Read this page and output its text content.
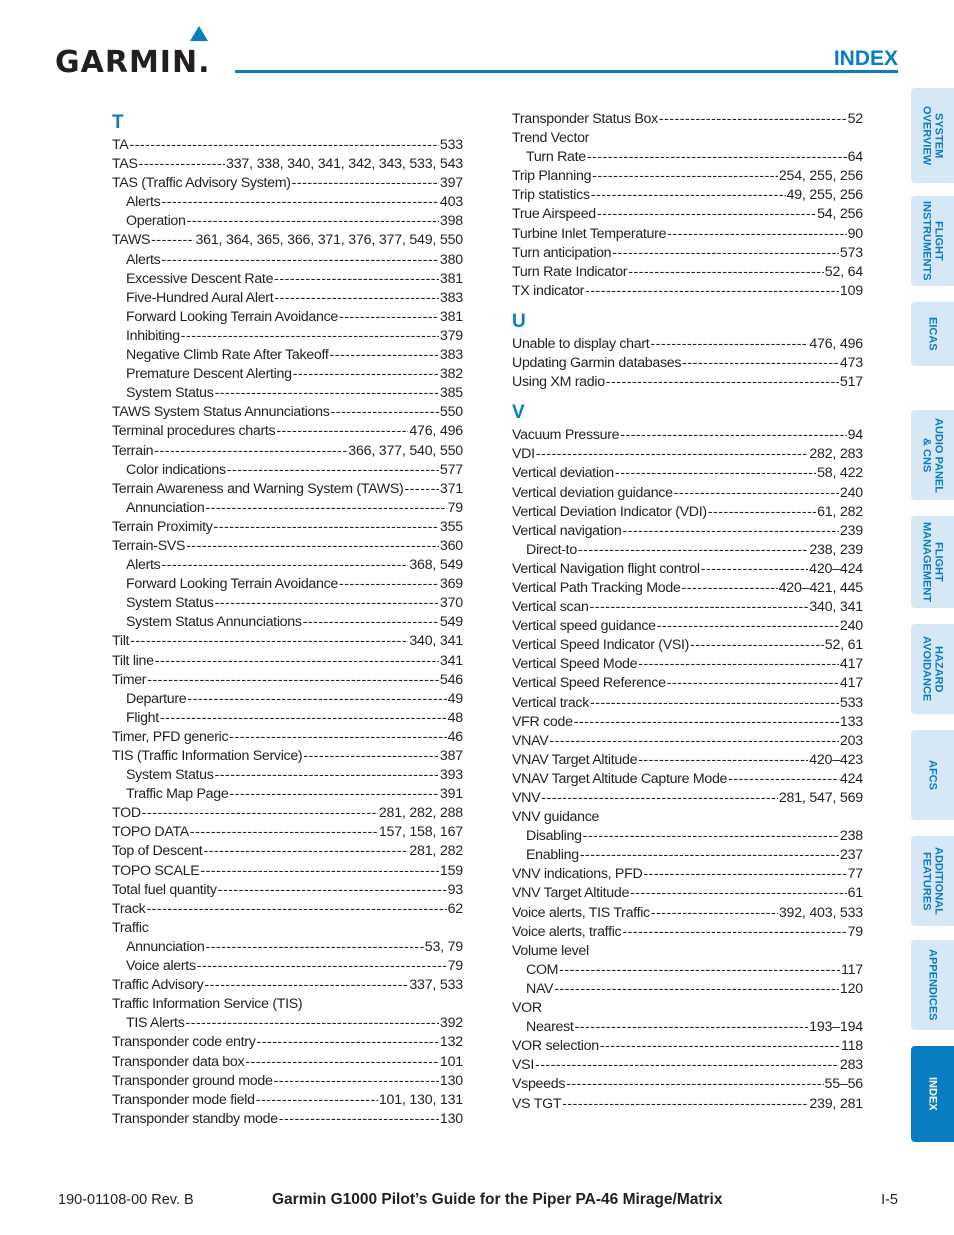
GARMIN.	INDEX
T
TA -----	533
TAS -----	337, 338, 340, 341, 342, 343, 533, 543
TAS (Traffic Advisory System) -----	397
Alerts -----	403
Operation -----	398
TAWS -----	361, 364, 365, 366, 371, 376, 377, 549, 550
Alerts -----	380
Excessive Descent Rate -----	381
Five-Hundred Aural Alert -----	383
Forward Looking Terrain Avoidance -----	381
Inhibiting -----	379
Negative Climb Rate After Takeoff -----	383
Premature Descent Alerting -----	382
System Status -----	385
TAWS System Status Annunciations -----	550
Terminal procedures charts -----	476, 496
Terrain -----	366, 377, 540, 550
Color indications -----	577
Terrain Awareness and Warning System (TAWS) -----	371
Annunciation -----	79
Terrain Proximity -----	355
Terrain-SVS -----	360
Alerts -----	368, 549
Forward Looking Terrain Avoidance -----	369
System Status -----	370
System Status Annunciations -----	549
Tilt -----	340, 341
Tilt line -----	341
Timer -----	546
Departure -----	49
Flight -----	48
Timer, PFD generic -----	46
TIS (Traffic Information Service) -----	387
System Status -----	393
Traffic Map Page -----	391
TOD -----	281, 282, 288
TOPO DATA -----	157, 158, 167
Top of Descent -----	281, 282
TOPO SCALE -----	159
Total fuel quantity -----	93
Track -----	62
Traffic
Annunciation -----	53, 79
Voice alerts -----	79
Traffic Advisory -----	337, 533
Traffic Information Service (TIS)
TIS Alerts -----	392
Transponder code entry -----	132
Transponder data box -----	101
Transponder ground mode -----	130
Transponder mode field -----	101, 130, 131
Transponder standby mode -----	130
Transponder Status Box -----	52
Trend Vector
Turn Rate -----	64
Trip Planning -----	254, 255, 256
Trip statistics -----	49, 255, 256
True Airspeed -----	54, 256
Turbine Inlet Temperature -----	90
Turn anticipation -----	573
Turn Rate Indicator -----	52, 64
TX indicator -----	109
U
Unable to display chart -----	476, 496
Updating Garmin databases -----	473
Using XM radio -----	517
V
Vacuum Pressure -----	94
VDI -----	282, 283
Vertical deviation -----	58, 422
Vertical deviation guidance -----	240
Vertical Deviation Indicator (VDI) -----	61, 282
Vertical navigation -----	239
Direct-to -----	238, 239
Vertical Navigation flight control -----	420–424
Vertical Path Tracking Mode -----	420–421, 445
Vertical scan -----	340, 341
Vertical speed guidance -----	240
Vertical Speed Indicator (VSI) -----	52, 61
Vertical Speed Mode -----	417
Vertical Speed Reference -----	417
Vertical track -----	533
VFR code -----	133
VNAV -----	203
VNAV Target Altitude -----	420–423
VNAV Target Altitude Capture Mode -----	424
VNV -----	281, 547, 569
VNV guidance
Disabling -----	238
Enabling -----	237
VNV indications, PFD -----	77
VNV Target Altitude -----	61
Voice alerts, TIS Traffic -----	392, 403, 533
Voice alerts, traffic -----	79
Volume level
COM -----	117
NAV -----	120
VOR
Nearest -----	193–194
VOR selection -----	118
VSI -----	283
Vspeeds -----	55–56
VS TGT -----	239, 281
SYSTEM
OVERVIEW
FLIGHT
INSTRUMENTS
EICAS
AUDIO PANEL
& CNS
FLIGHT
MANAGEMENT
HAZARD
AVOIDANCE
AFCS
ADDITIONAL
FEATURES
APPENDICES
INDEX
190-01108-00 Rev. B	Garmin G1000 Pilot’s Guide for the Piper PA-46 Mirage/Matrix	I-5
